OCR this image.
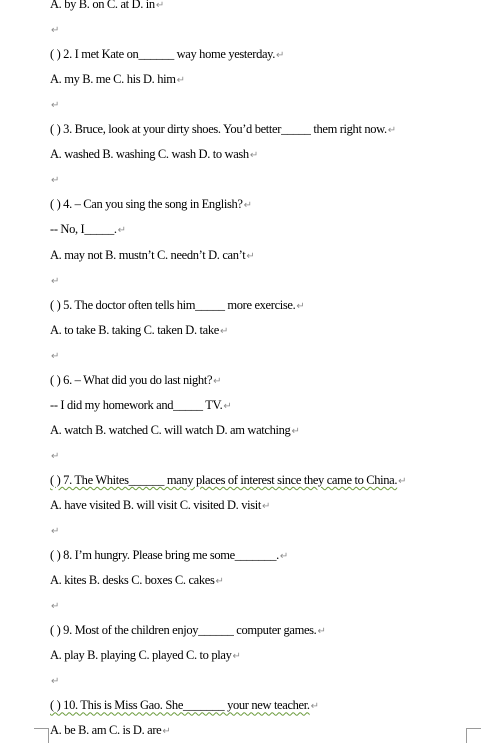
A. by B. on C. at D. in↵
↵
( ) 2. I met Kate on______ way home yesterday.↵
A. my B. me C. his D. him↵
↵
( ) 3. Bruce, look at your dirty shoes. You’d better_____ them right now.↵
A. washed B. washing C. wash D. to wash↵
↵
( ) 4. – Can you sing the song in English?↵
-- No, I_____.↵
A. may not B. mustn’t C. needn’t D. can’t↵
↵
( ) 5. The doctor often tells him_____ more exercise.↵
A. to take B. taking C. taken D. take↵
↵
( ) 6. – What did you do last night?↵
-- I did my homework and_____ TV.↵
A. watch B. watched C. will watch D. am watching↵
↵
( ) 7. The Whites______ many places of interest since they came to China.↵
A. have visited B. will visit C. visited D. visit↵
↵
( ) 8. I’m hungry. Please bring me some_______.↵
A. kites B. desks C. boxes C. cakes↵
↵
( ) 9. Most of the children enjoy______ computer games.↵
A. play B. playing C. played C. to play↵
↵
( ) 10. This is Miss Gao. She_______ your new teacher.↵
A. be B. am C. is D. are↵
